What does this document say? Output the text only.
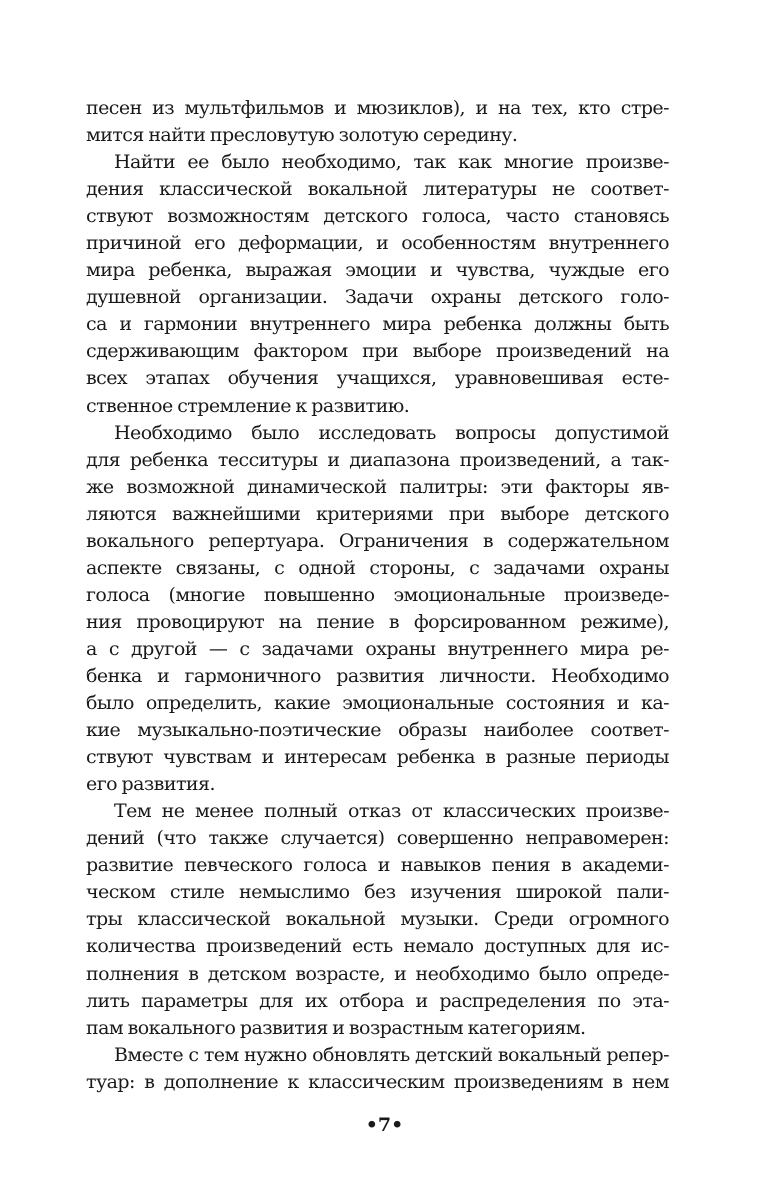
песен из мультфильмов и мюзиклов), и на тех, кто стре-
мится найти пресловутую золотую середину.
Найти ее было необходимо, так как многие произве-
дения классической вокальной литературы не соответ-
ствуют возможностям детского голоса, часто становясь
причиной его деформации, и особенностям внутреннего
мира ребенка, выражая эмоции и чувства, чуждые его
душевной организации. Задачи охраны детского голо-
са и гармонии внутреннего мира ребенка должны быть
сдерживающим фактором при выборе произведений на
всех этапах обучения учащихся, уравновешивая есте-
ственное стремление к развитию.
Необходимо было исследовать вопросы допустимой
для ребенка тесситуры и диапазона произведений, а так-
же возможной динамической палитры: эти факторы яв-
ляются важнейшими критериями при выборе детского
вокального репертуара. Ограничения в содержательном
аспекте связаны, с одной стороны, с задачами охраны
голоса (многие повышенно эмоциональные произведе-
ния провоцируют на пение в форсированном режиме),
а с другой — с задачами охраны внутреннего мира ре-
бенка и гармоничного развития личности. Необходимо
было определить, какие эмоциональные состояния и ка-
кие музыкально-поэтические образы наиболее соответ-
ствуют чувствам и интересам ребенка в разные периоды
его развития.
Тем не менее полный отказ от классических произве-
дений (что также случается) совершенно неправомерен:
развитие певческого голоса и навыков пения в академи-
ческом стиле немыслимо без изучения широкой пали-
тры классической вокальной музыки. Среди огромного
количества произведений есть немало доступных для ис-
полнения в детском возрасте, и необходимо было опреде-
лить параметры для их отбора и распределения по эта-
пам вокального развития и возрастным категориям.
Вместе с тем нужно обновлять детский вокальный репер-
туар: в дополнение к классическим произведениям в нем
•7•
